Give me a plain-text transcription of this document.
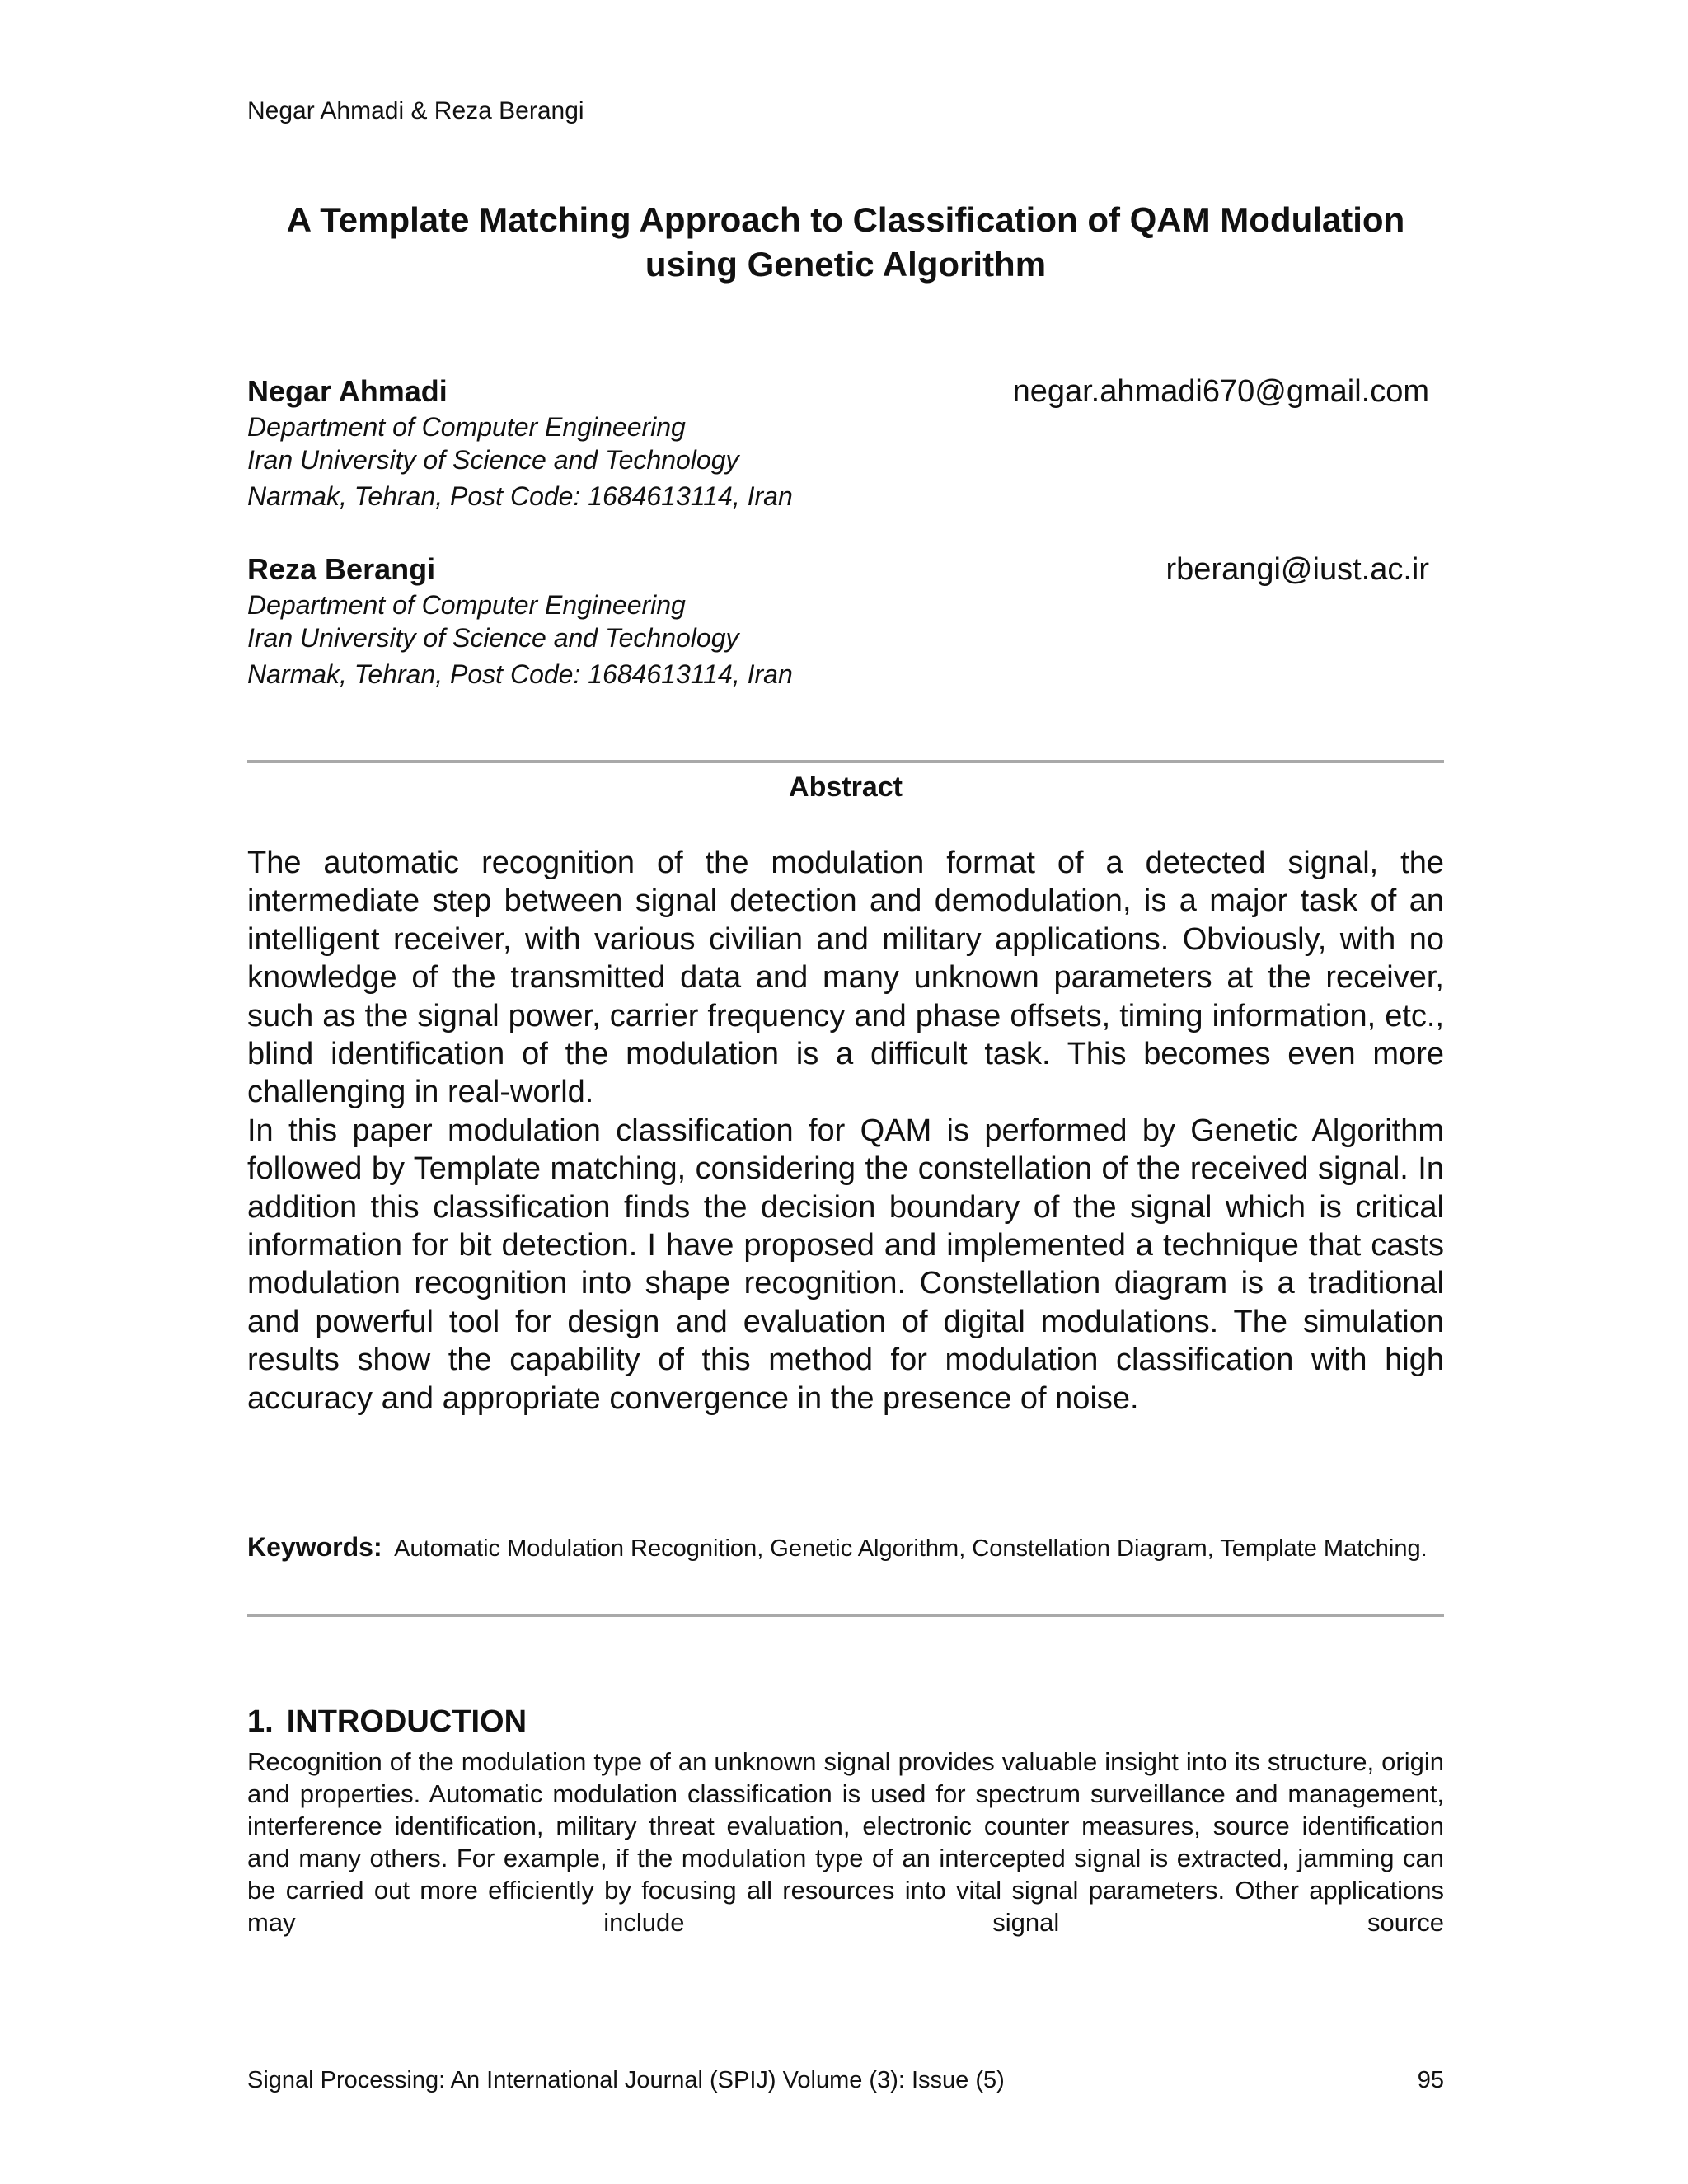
Negar Ahmadi & Reza Berangi
A Template Matching Approach to Classification of QAM Modulation using Genetic Algorithm
Negar Ahmadi	negar.ahmadi670@gmail.com
Department of Computer Engineering
Iran University of Science and Technology
Narmak, Tehran, Post Code: 1684613114, Iran
Reza Berangi	rberangi@iust.ac.ir
Department of Computer Engineering
Iran University of Science and Technology
Narmak, Tehran, Post Code: 1684613114, Iran
Abstract

The automatic recognition of the modulation format of a detected signal, the intermediate step between signal detection and demodulation, is a major task of an intelligent receiver, with various civilian and military applications. Obviously, with no knowledge of the transmitted data and many unknown parameters at the receiver, such as the signal power, carrier frequency and phase offsets, timing information, etc., blind identification of the modulation is a difficult task. This becomes even more challenging in real-world.

In this paper modulation classification for QAM is performed by Genetic Algorithm followed by Template matching, considering the constellation of the received signal. In addition this classification finds the decision boundary of the signal which is critical information for bit detection. I have proposed and implemented a technique that casts modulation recognition into shape recognition. Constellation diagram is a traditional and powerful tool for design and evaluation of digital modulations. The simulation results show the capability of this method for modulation classification with high accuracy and appropriate convergence in the presence of noise.

Keywords: Automatic Modulation Recognition, Genetic Algorithm, Constellation Diagram, Template Matching.
1. INTRODUCTION

Recognition of the modulation type of an unknown signal provides valuable insight into its structure, origin and properties. Automatic modulation classification is used for spectrum surveillance and management, interference identification, military threat evaluation, electronic counter measures, source identification and many others. For example, if the modulation type of an intercepted signal is extracted, jamming can be carried out more efficiently by focusing all resources into vital signal parameters. Other applications may include signal source

Signal Processing: An International Journal (SPIJ) Volume (3): Issue (5)	95
